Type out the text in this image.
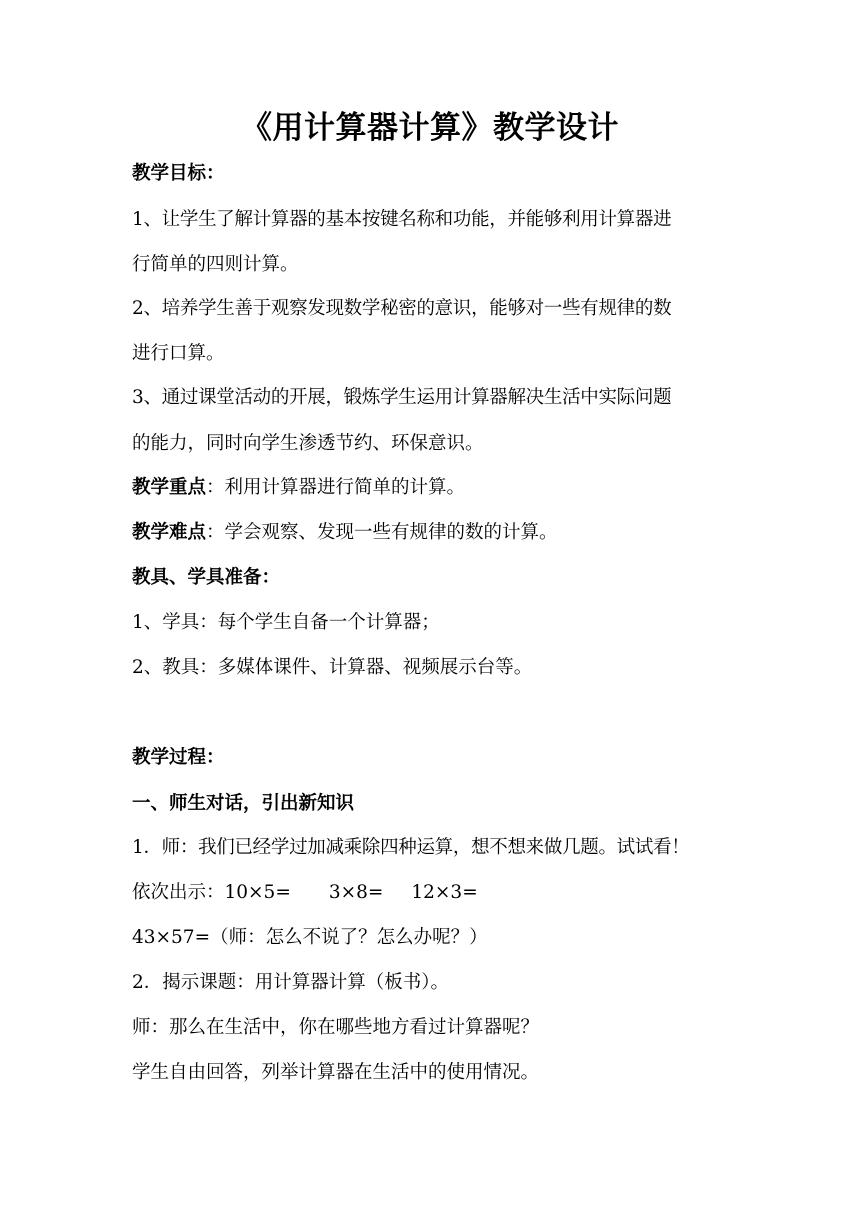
《用计算器计算》教学设计
教学目标：
1、让学生了解计算器的基本按键名称和功能，并能够利用计算器进
行简单的四则计算。
2、培养学生善于观察发现数学秘密的意识，能够对一些有规律的数
进行口算。
3、通过课堂活动的开展，锻炼学生运用计算器解决生活中实际问题
的能力，同时向学生渗透节约、环保意识。
教学重点：利用计算器进行简单的计算。
教学难点：学会观察、发现一些有规律的数的计算。
教具、学具准备：
1、学具：每个学生自备一个计算器；
2、教具：多媒体课件、计算器、视频展示台等。
教学过程：
一、师生对话，引出新知识
1．师：我们已经学过加减乘除四种运算，想不想来做几题。试试看！
依次出示：10×5= 3×8= 12×3=
43×57=（师：怎么不说了？怎么办呢？）
2．揭示课题：用计算器计算（板书）。
师：那么在生活中，你在哪些地方看过计算器呢？
学生自由回答，列举计算器在生活中的使用情况。
